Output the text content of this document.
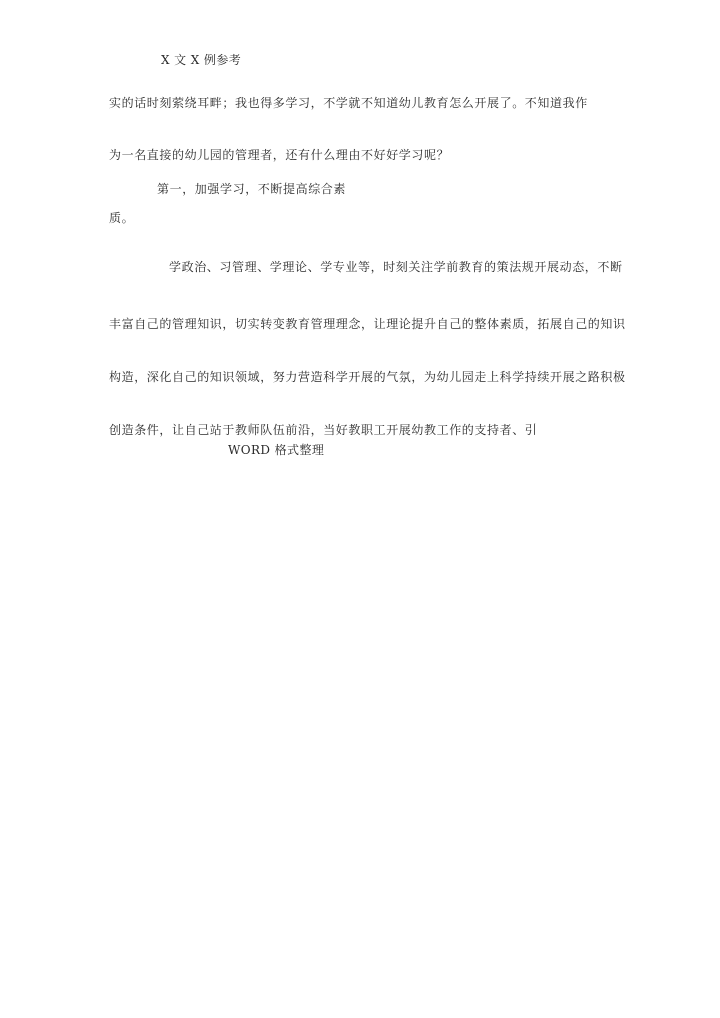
X 文 X 例参考
实的话时刻萦绕耳畔；我也得多学习，不学就不知道幼儿教育怎么开展了。不知道我作
为一名直接的幼儿园的管理者，还有什么理由不好好学习呢？
第一，加强学习，不断提高综合素
质。
学政治、习管理、学理论、学专业等，时刻关注学前教育的策法规开展动态，不断
丰富自己的管理知识，切实转变教育管理理念，让理论提升自己的整体素质，拓展自己的知识
构造，深化自己的知识领域，努力营造科学开展的气氛，为幼儿园走上科学持续开展之路积极
创造条件，让自己站于教师队伍前沿，当好教职工开展幼教工作的支持者、引
WORD 格式整理
